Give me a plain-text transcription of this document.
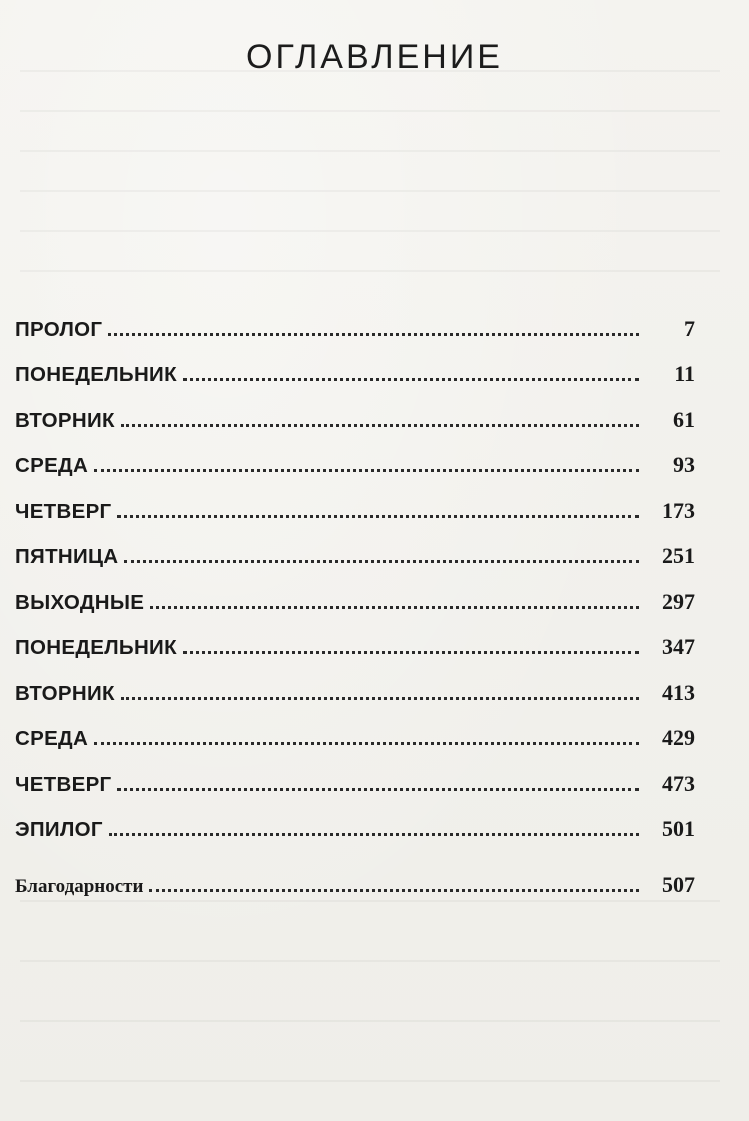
ОГЛАВЛЕНИЕ
ПРОЛОГ	7
ПОНЕДЕЛЬНИК	11
ВТОРНИК	61
СРЕДА	93
ЧЕТВЕРГ	173
ПЯТНИЦА	251
ВЫХОДНЫЕ	297
ПОНЕДЕЛЬНИК	347
ВТОРНИК	413
СРЕДА	429
ЧЕТВЕРГ	473
ЭПИЛОГ	501
Благодарности	507
